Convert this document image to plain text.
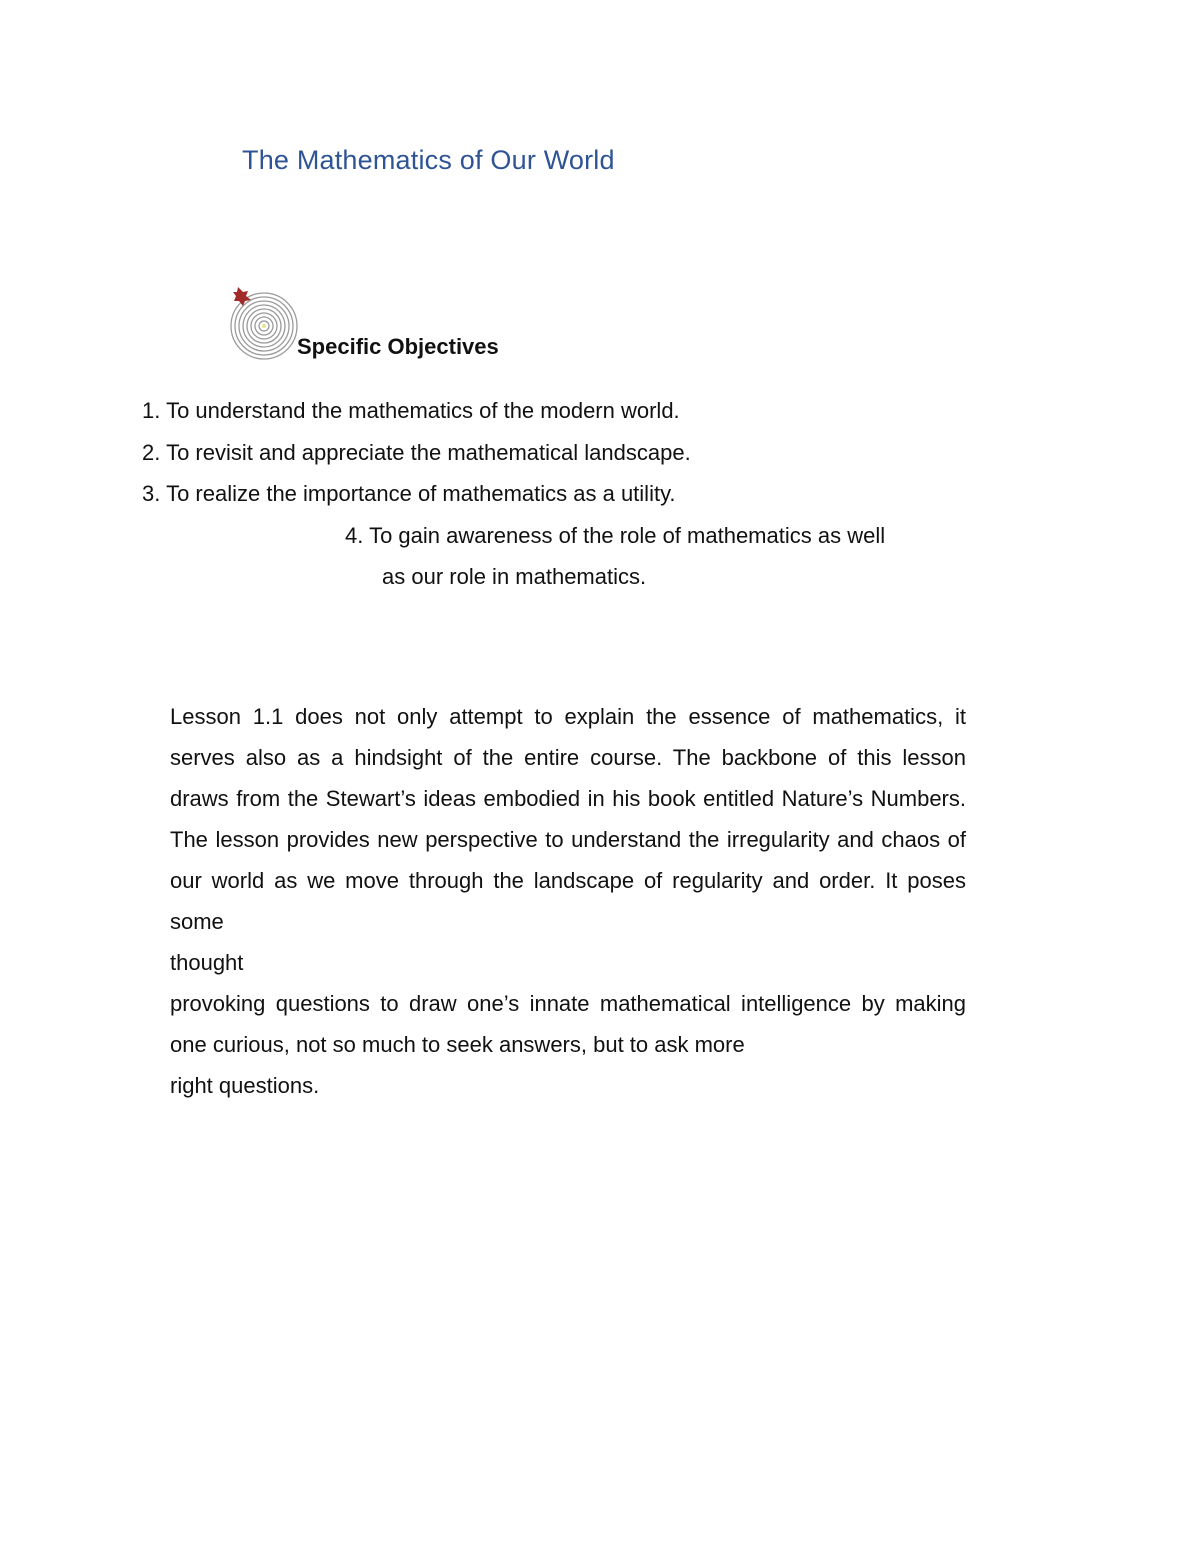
The Mathematics of Our World
Specific Objectives
1. To understand the mathematics of the modern world.
2. To revisit and appreciate the mathematical landscape.
3. To realize the importance of mathematics as a utility.
4. To gain awareness of the role of mathematics as well
as our role in mathematics.

Lesson 1.1 does not only attempt to explain the essence of mathematics, it serves also as a hindsight of the entire course. The backbone of this lesson draws from the Stewart’s ideas embodied in his book entitled Nature’s Numbers. The lesson provides new perspective to understand the irregularity and chaos of our world as we move through the landscape of regularity and order. It poses some

thought

provoking questions to draw one’s innate mathematical intelligence by making one curious, not so much to seek answers, but to ask more

right questions.
